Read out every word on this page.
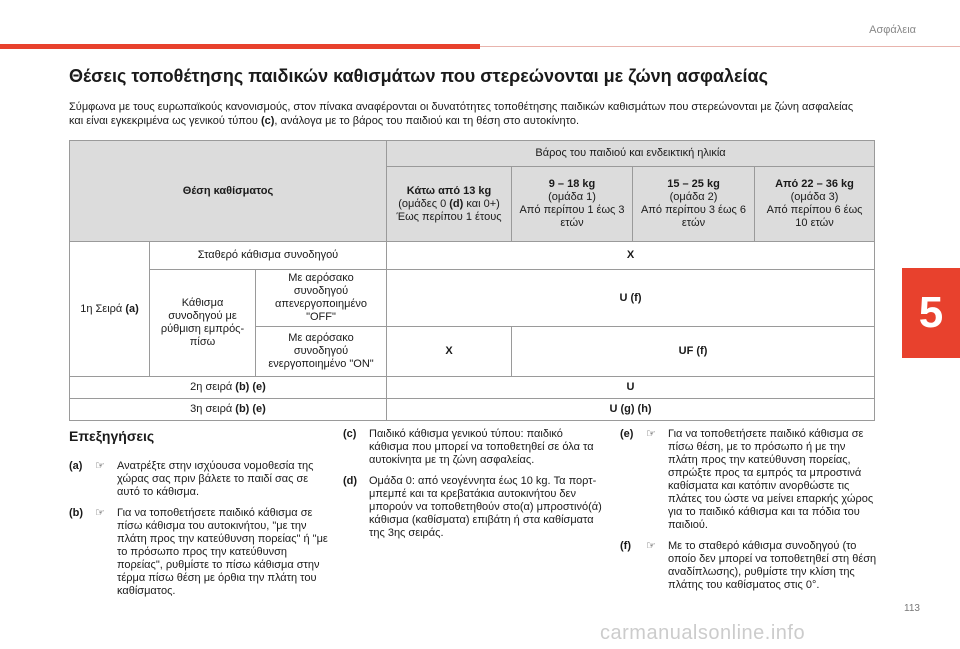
Ασφάλεια
Θέσεις τοποθέτησης παιδικών καθισμάτων που στερεώνονται με ζώνη ασφαλείας
Σύμφωνα με τους ευρωπαϊκούς κανονισμούς, στον πίνακα αναφέρονται οι δυνατότητες τοποθέτησης παιδικών καθισμάτων που στερεώνονται με ζώνη ασφαλείας και είναι εγκεκριμένα ως γενικού τύπου (c), ανάλογα με το βάρος του παιδιού και τη θέση στο αυτοκίνητο.
Θέση καθίσματος			Βάρος του παιδιού και ενδεικτική ηλικία			
			Κάτω από 13 kg
(ομάδες 0 (d) και 0+)
Έως περίπου 1 έτους	9 – 18 kg
(ομάδα 1)
Από περίπου 1 έως 3 ετών	15 – 25 kg
(ομάδα 2)
Από περίπου 3 έως 6 ετών	Από 22 – 36 kg
(ομάδα 3)
Από περίπου 6 έως 10 ετών
1η Σειρά (a)	Σταθερό κάθισμα συνοδηγού		X			
	Κάθισμα συνοδηγού με ρύθμιση εμπρός-πίσω	Με αερόσακο συνοδηγού απενεργοποιημένο "OFF"	U (f)			
		Με αερόσακο συνοδηγού ενεργοποιημένο "ON"	X	UF (f)		
2η σειρά (b) (e)			U			
3η σειρά (b) (e)			U (g) (h)			
5
Επεξηγήσεις
(a)	☞	Ανατρέξτε στην ισχύουσα νομοθεσία της χώρας σας πριν βάλετε το παιδί σας σε αυτό το κάθισμα.
(b)	☞	Για να τοποθετήσετε παιδικό κάθισμα σε πίσω κάθισμα του αυτοκινήτου, "με την πλάτη προς την κατεύθυνση πορείας" ή "με το πρόσωπο προς την κατεύθυνση πορείας", ρυθμίστε το πίσω κάθισμα στην τέρμα πίσω θέση με όρθια την πλάτη του καθίσματος.
(c)	Παιδικό κάθισμα γενικού τύπου: παιδικό κάθισμα που μπορεί να τοποθετηθεί σε όλα τα αυτοκίνητα με τη ζώνη ασφαλείας.
(d)	Ομάδα 0: από νεογέννητα έως 10 kg. Τα πορτ-μπεμπέ και τα κρεβατάκια αυτοκινήτου δεν μπορούν να τοποθετηθούν στο(α) μπροστινό(ά) κάθισμα (καθίσματα) επιβάτη ή στα καθίσματα της 3ης σειράς.
(e)	☞	Για να τοποθετήσετε παιδικό κάθισμα σε πίσω θέση, με το πρόσωπο ή με την πλάτη προς την κατεύθυνση πορείας, σπρώξτε προς τα εμπρός τα μπροστινά καθίσματα και κατόπιν ανορθώστε τις πλάτες του ώστε να μείνει επαρκής χώρος για το παιδικό κάθισμα και τα πόδια του παιδιού.
(f)	☞	Με το σταθερό κάθισμα συνοδηγού (το οποίο δεν μπορεί να τοποθετηθεί στη θέση αναδίπλωσης), ρυθμίστε την κλίση της πλάτης του καθίσματος στις 0°.
113
carmanualsonline.info
